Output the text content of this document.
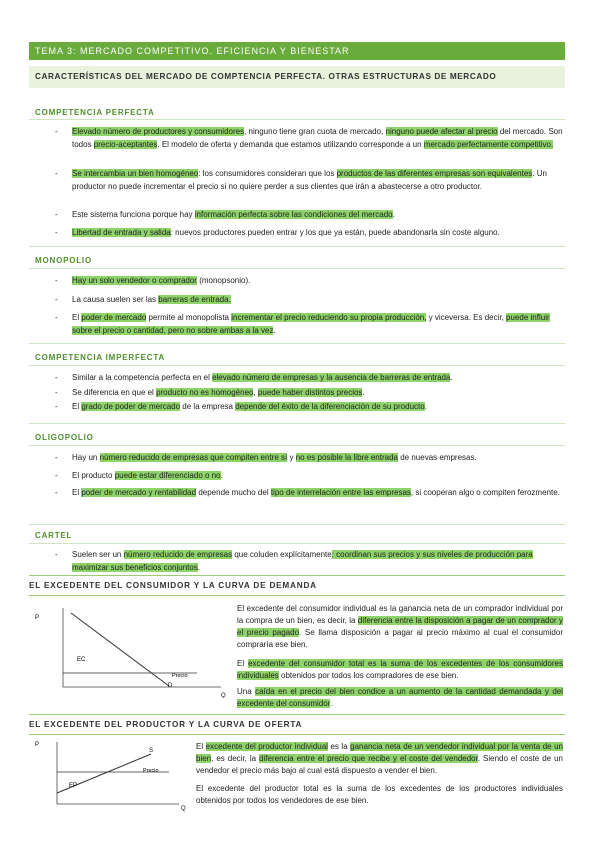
TEMA 3: MERCADO COMPETITIVO. EFICIENCIA Y BIENESTAR
CARACTERÍSTICAS DEL MERCADO DE COMPTENCIA PERFECTA. OTRAS ESTRUCTURAS DE MERCADO
COMPETENCIA PERFECTA
- Elevado número de productores y consumidores, ninguno tiene gran cuota de mercado, ninguno puede afectar al precio del mercado. Son todos precio-aceptantes. El modelo de oferta y demanda que estamos utilizando corresponde a un mercado perfectamente competitivo.
- Se intercambia un bien homogéneo: los consumidores consideran que los productos de las diferentes empresas son equivalentes. Un productor no puede incrementar el precio si no quiere perder a sus clientes que irán a abastecerse a otro productor.
- Este sistema funciona porque hay información perfecta sobre las condiciones del mercado.
- Libertad de entrada y salida: nuevos productores pueden entrar y los que ya están, puede abandonarla sin coste alguno.
MONOPOLIO
- Hay un solo vendedor o comprador (monopsonio).
- La causa suelen ser las barreras de entrada.
- El poder de mercado permite al monopolista incrementar el precio reduciendo su propia producción, y viceversa. Es decir, puede influir sobre el precio o cantidad, pero no sobre ambas a la vez.
COMPETENCIA IMPERFECTA
- Similar a la competencia perfecta en el elevado número de empresas y la ausencia de barreras de entrada.
- Se diferencia en que el producto no es homogéneo, puede haber distintos precios.
- El grado de poder de mercado de la empresa depende del éxito de la diferenciación de su producto.
OLIGOPOLIO
- Hay un número reducido de empresas que compiten entre sí y no es posible la libre entrada de nuevas empresas.
- El producto puede estar diferenciado o no.
- El poder de mercado y rentabilidad depende mucho del tipo de interrelación entre las empresas, si cooperan algo o compiten ferozmente.
CARTEL
- Suelen ser un número reducido de empresas que coluden explícitamente: coordinan sus precios y sus niveles de producción para maximizar sus beneficios conjuntos.
EL EXCEDENTE DEL CONSUMIDOR Y LA CURVA DE DEMANDA
P
EC
Precio
D
Q
El excedente del consumidor individual es la ganancia neta de un comprador individual por la compra de un bien, es decir, la diferencia entre la disposición a pagar de un comprador y el precio pagado. Se llama disposición a pagar al precio máximo al cual el consumidor compraría ese bien.
El excedente del consumidor total es la suma de los excedentes de los consumidores individuales obtenidos por todos los compradores de ese bien.
Una caída en el precio del bien condice a un aumento de la cantidad demandada y del excedente del consumidor.
EL EXCEDENTE DEL PRODUCTOR Y LA CURVA DE OFERTA
P
S
Precio
EP
Q
El excedente del productor individual es la ganancia neta de un vendedor individual por la venta de un bien, es decir, la diferencia entre el precio que recibe y el coste del vendedor. Siendo el coste de un vendedor el precio más bajo al cual está dispuesto a vender el bien.
El excedente del productor total es la suma de los excedentes de los productores individuales obtenidos por todos los vendedores de ese bien.
